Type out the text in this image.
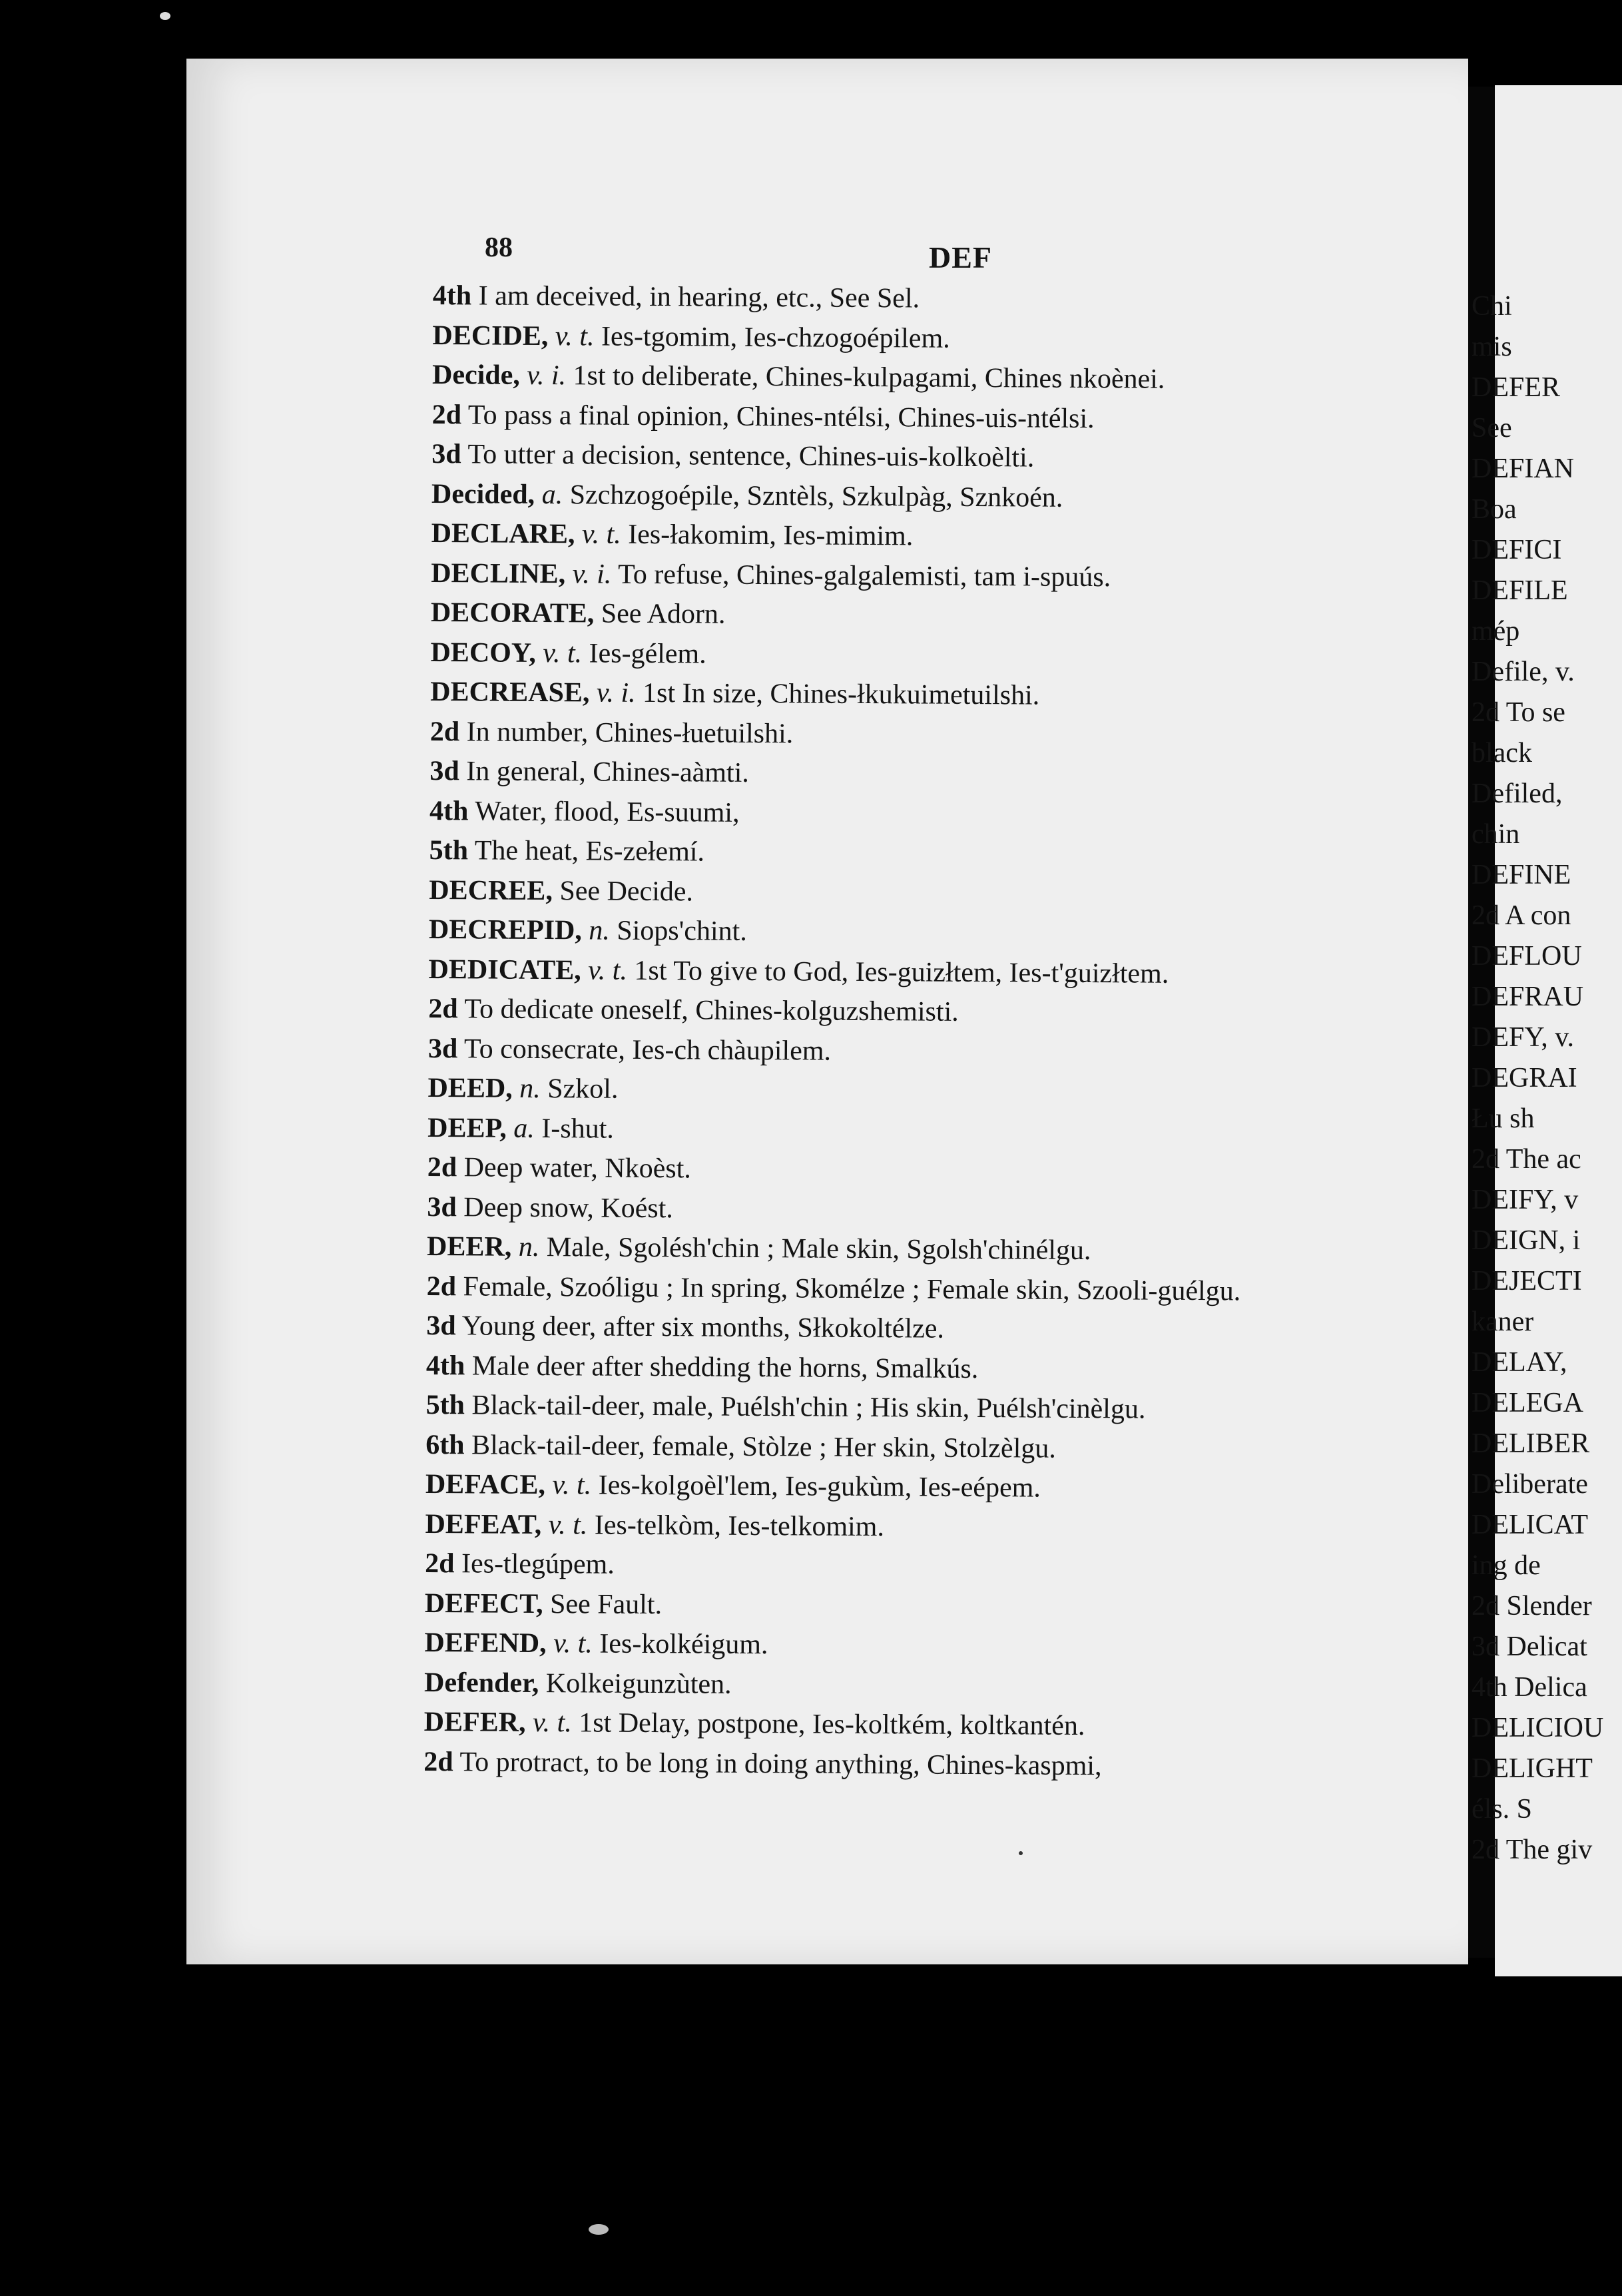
88	DEF
4th I am deceived, in hearing, etc., See Sel.
DECIDE, v. t. Ies-tgomim, Ies-chzogoépilem.
Decide, v. i. 1st to deliberate, Chines-kulpagami, Chines nkoènei.
2d To pass a final opinion, Chines-ntélsi, Chines-uis-ntélsi.
3d To utter a decision, sentence, Chines-uis-kolkoèlti.
Decided, a. Szchzogoépile, Szntèls, Szkulpàg, Sznkoén.
DECLARE, v. t. Ies-łakomim, Ies-mimim.
DECLINE, v. i. To refuse, Chines-galgalemisti, tam i-spuús.
DECORATE, See Adorn.
DECOY, v. t. Ies-gélem.
DECREASE, v. i. 1st In size, Chines-łkukuimetuilshi.
2d In number, Chines-łuetuilshi.
3d In general, Chines-aàmti.
4th Water, flood, Es-suumi,
5th The heat, Es-zełemí.
DECREE, See Decide.
DECREPID, n. Siops'chint.
DEDICATE, v. t. 1st To give to God, Ies-guizłtem, Ies-t'guizłtem.
2d To dedicate oneself, Chines-kolguzshemisti.
3d To consecrate, Ies-ch chàupilem.
DEED, n. Szkol.
DEEP, a. I-shut.
2d Deep water, Nkoèst.
3d Deep snow, Koést.
DEER, n. Male, Sgolésh'chin ; Male skin, Sgolsh'chinélgu.
2d Female, Szoóligu ; In spring, Skomélze ; Female skin, Szooli-guélgu.
3d Young deer, after six months, Słkokoltélze.
4th Male deer after shedding the horns, Smalkús.
5th Black-tail-deer, male, Puélsh'chin ; His skin, Puélsh'cinèlgu.
6th Black-tail-deer, female, Stòlze ; Her skin, Stolzèlgu.
DEFACE, v. t. Ies-kolgoèl'lem, Ies-gukùm, Ies-eépem.
DEFEAT, v. t. Ies-telkòm, Ies-telkomim.
2d Ies-tlegúpem.
DEFECT, See Fault.
DEFEND, v. t. Ies-kolkéigum.
Defender, Kolkeigunzùten.
DEFER, v. t. 1st Delay, postpone, Ies-koltkém, koltkantén.
2d To protract, to be long in doing anything, Chines-kaspmi,
Chi
mis
DEFER
See
DEFIAN
Boa
DEFICI
DEFILE
mép
Defile, v.
2d To se
black
Defiled,
chin
DEFINE
2d A con
DEFLOU
DEFRAU
DEFY, v.
DEGRAI
Łu sh
2d The ac
DEIFY, v
DEIGN, i
DEJECTI
kaner
DELAY,
DELEGA
DELIBER
Deliberate
DELICAT
ing de
2d Slender
3d Delicat
4th Delica
DELICIOU
DELIGHT
éls. S
2d The giv
